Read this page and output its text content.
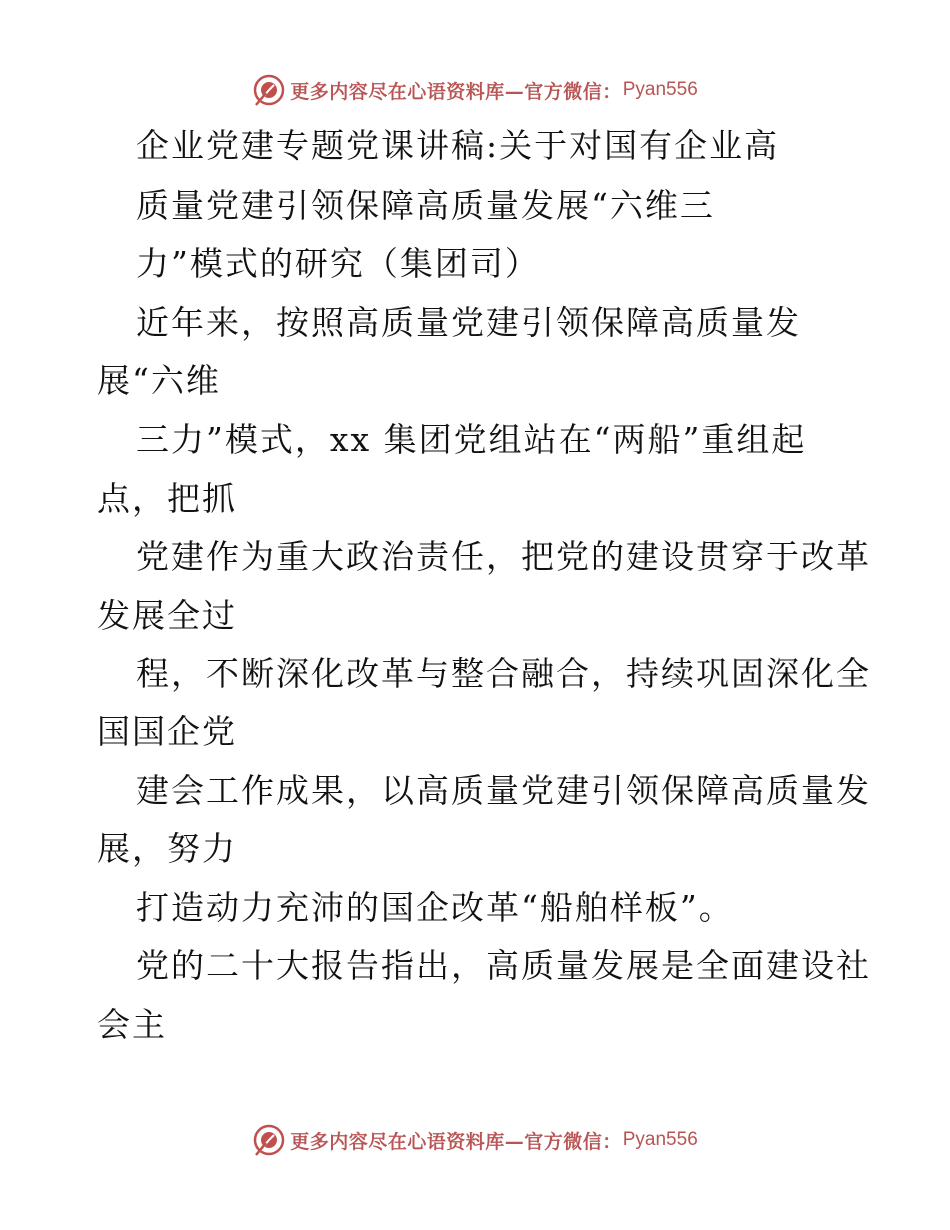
更多内容尽在心语资料库—官方微信： Pyan556
企业党建专题党课讲稿:关于对国有企业高
质量党建引领保障高质量发展“六维三
力”模式的研究（集团司）
近年来，按照高质量党建引领保障高质量发
展“六维
三力”模式，xx 集团党组站在“两船”重组起
点，把抓
党建作为重大政治责任，把党的建设贯穿于改革
发展全过
程，不断深化改革与整合融合，持续巩固深化全
国国企党
建会工作成果，以高质量党建引领保障高质量发
展，努力
打造动力充沛的国企改革“船舶样板”。
党的二十大报告指出，高质量发展是全面建设社
会主
更多内容尽在心语资料库—官方微信： Pyan556
